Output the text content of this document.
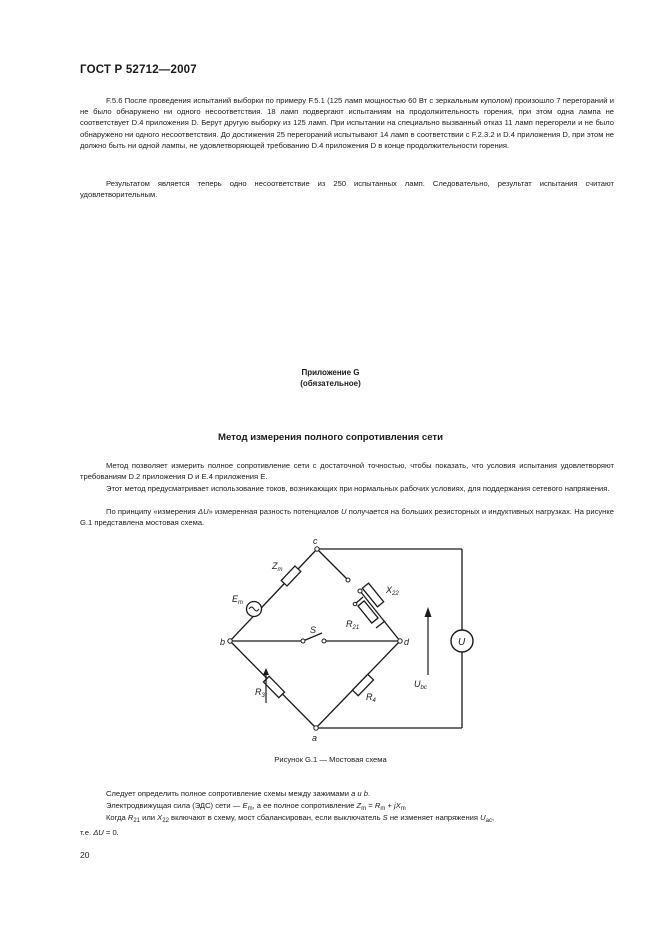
ГОСТ Р 52712—2007
F.5.6 После проведения испытаний выборки по примеру F.5.1 (125 ламп мощностью 60 Вт с зеркальным куполом) произошло 7 перегораний и не было обнаружено ни одного несоответствия. 18 ламп подвергают испытаниям на продолжительность горения, при этом одна лампа не соответствует D.4 приложения D. Берут другую выборку из 125 ламп. При испытании на специально вызванный отказ 11 ламп перегорели и не было обнаружено ни одного несоответствия. До достижения 25 перегораний испытывают 14 ламп в соответствии с F.2.3.2 и D.4 приложения D, при этом не должно быть ни одной лампы, не удовлетворяющей требованию D.4 приложения D в конце продолжительности горения.
Результатом является теперь одно несоответствие из 250 испытанных ламп. Следовательно, результат испытания считают удовлетворительным.
Приложение G
(обязательное)
Метод измерения полного сопротивления сети
Метод позволяет измерить полное сопротивление сети с достаточной точностью, чтобы показать, что условия испытания удовлетворяют требованиям D.2 приложения D и E.4 приложения E.
Этот метод предусматривает использование токов, возникающих при нормальных рабочих условиях, для поддержания сетевого напряжения.
По принципу «измерения ΔU» измеренная разность потенциалов U получается на больших резисторных и индуктивных нагрузках. На рисунке G.1 представлена мостовая схема.
c
b	d
a
$Z_m$
$E_m$
$X_{22}$
$R_{21}$
S
$R_3$	$R_4$
U
$U_{bc}$
Рисунок G.1 — Мостовая схема
Следует определить полное сопротивление схемы между зажимами a и b.
Электродвижущая сила (ЭДС) сети — $E_m$, а ее полное сопротивление $Z_m = R_m + jX_m$
Когда $R_{21}$ или $X_{22}$ включают в схему, мост сбалансирован, если выключатель S не изменяет напряжения $U_{ac}$,
т.е. ΔU = 0.
20
